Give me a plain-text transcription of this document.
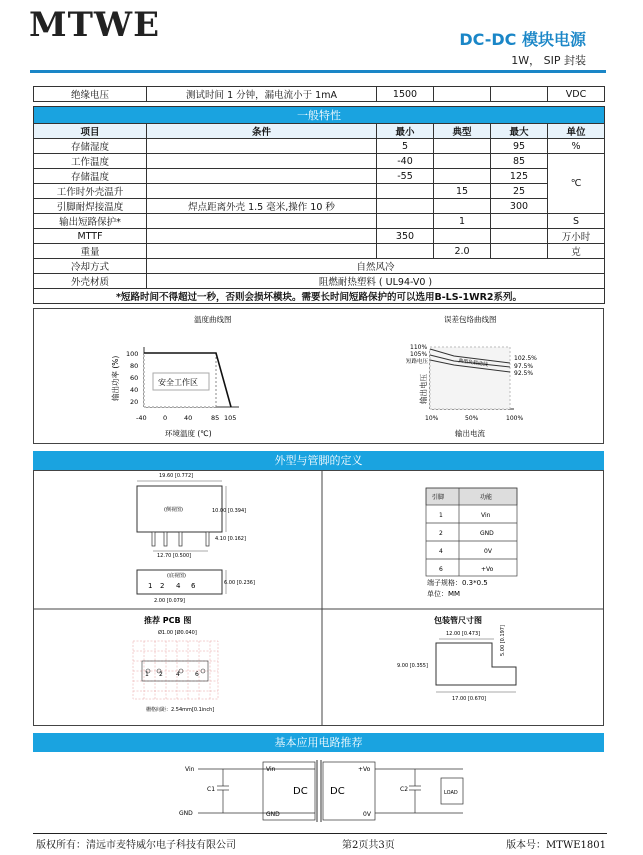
MTWE	DC-DC 模块电源
1W， SIP 封装
绝缘电压	测试时间 1 分钟，漏电流小于 1mA	1500			VDC
一般特性					
项目	条件	最小	典型	最大	单位
存储湿度		5		95	%
工作温度		-40		85	℃
存储温度		-55		125	
工作时外壳温升			15	25	
引脚耐焊接温度	焊点距离外壳 1.5 毫米,操作 10 秒			300	
输出短路保护*			1		S
MTTF		350			万小时
重量			2.0		克
冷却方式	自然风冷				
外壳材质	阻燃耐热塑料 ( UL94-V0 )				
*短路时间不得超过一秒，否则会损坏模块。需要长时间短路保护的可以选用B-LS-1WR2系列。					
温度曲线图
输出功率 (%)	安全工作区
100
80
60
40
20
-40	0	40	85 105
环境温度 (℃)
误差包络曲线图
输出电压
110%
105%
短路电压	典型负载曲线	102.5%
97.5%
92.5%
10%	50%	100%
输出电流
外型与管脚的定义
19.60 [0.772]
(侧视图)	10.00 [0.394]
4.10 [0.162]
12.70 [0.500]
(底视图)
1 2 4 6	6.00 [0.236]
2.00 [0.079]
引脚	功能
1	Vin
2	GND
4	0V
6	+Vo
端子规格：0.3*0.5
单位：MM
推荐 PCB 图
Ø1.00 [Ø0.040]
1 2 4	6
栅格间距：2.54mm[0.1inch]
包装管尺寸图
12.00 [0.473]	5.00 [0.197]
9.00 [0.355]
17.00 [0.670]
基本应用电路推荐
Vin
GND
C1
Vin
GND
DC DC
+Vo
0V
C2	LOAD
版权所有：清远市麦特威尔电子科技有限公司	第2页共3页	版本号：MTWE1801
